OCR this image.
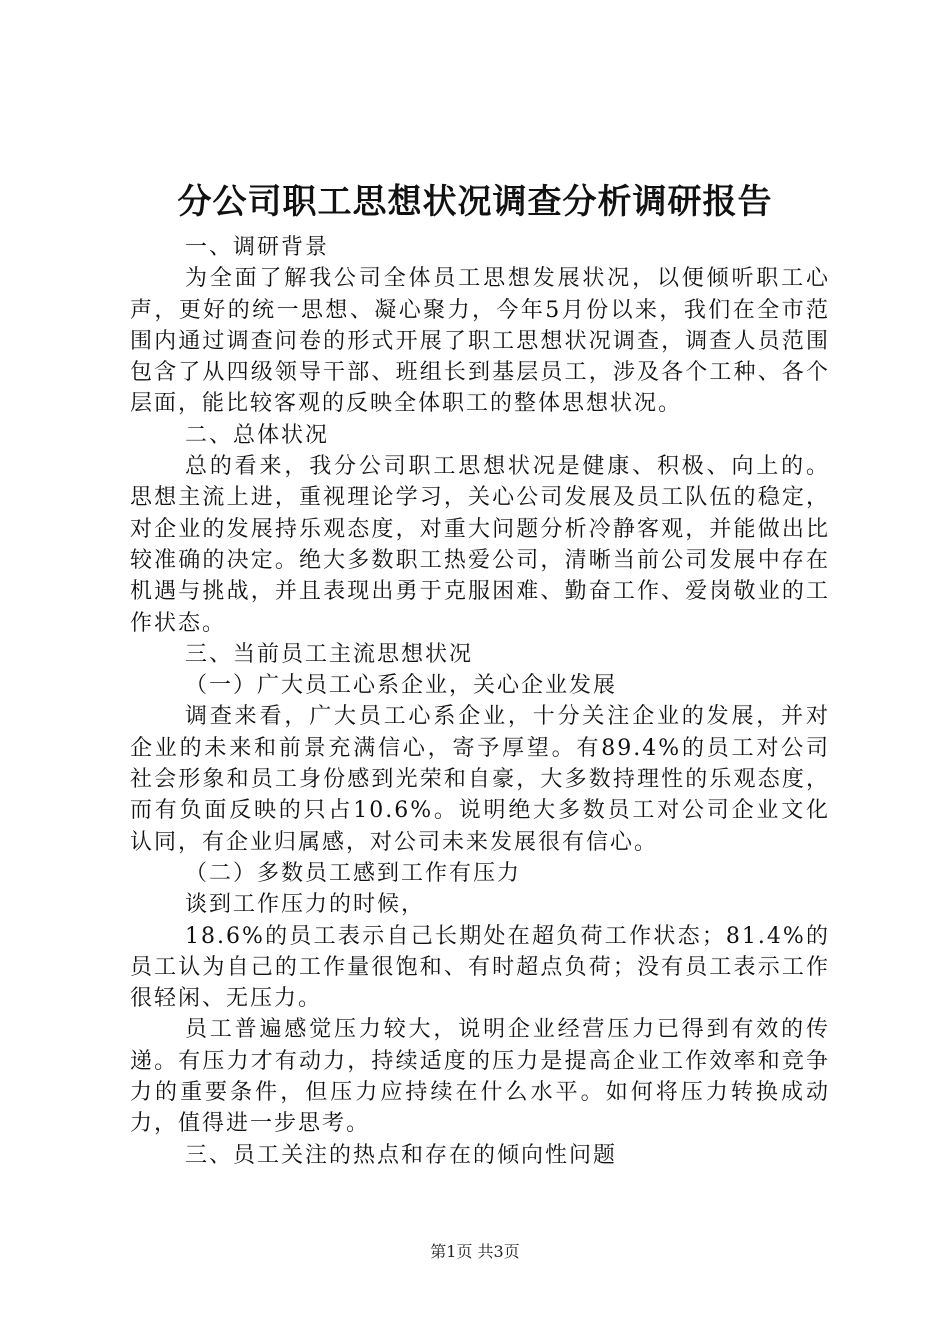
分公司职工思想状况调查分析调研报告

一、调研背景

为全面了解我公司全体员工思想发展状况，以便倾听职工心声，更好的统一思想、凝心聚力，今年5月份以来，我们在全市范围内通过调查问卷的形式开展了职工思想状况调查，调查人员范围包含了从四级领导干部、班组长到基层员工，涉及各个工种、各个层面，能比较客观的反映全体职工的整体思想状况。

二、总体状况

总的看来，我分公司职工思想状况是健康、积极、向上的。思想主流上进，重视理论学习，关心公司发展及员工队伍的稳定，对企业的发展持乐观态度，对重大问题分析冷静客观，并能做出比较准确的决定。绝大多数职工热爱公司，清晰当前公司发展中存在机遇与挑战，并且表现出勇于克服困难、勤奋工作、爱岗敬业的工作状态。

三、当前员工主流思想状况

（一）广大员工心系企业，关心企业发展

调查来看，广大员工心系企业，十分关注企业的发展，并对企业的未来和前景充满信心，寄予厚望。有89.4%的员工对公司社会形象和员工身份感到光荣和自豪，大多数持理性的乐观态度，而有负面反映的只占10.6%。说明绝大多数员工对公司企业文化认同，有企业归属感，对公司未来发展很有信心。

（二）多数员工感到工作有压力

谈到工作压力的时候，

18.6%的员工表示自己长期处在超负荷工作状态；81.4%的员工认为自己的工作量很饱和、有时超点负荷；没有员工表示工作很轻闲、无压力。

员工普遍感觉压力较大，说明企业经营压力已得到有效的传递。有压力才有动力，持续适度的压力是提高企业工作效率和竞争力的重要条件，但压力应持续在什么水平。如何将压力转换成动力，值得进一步思考。

三、员工关注的热点和存在的倾向性问题

第1页 共3页
